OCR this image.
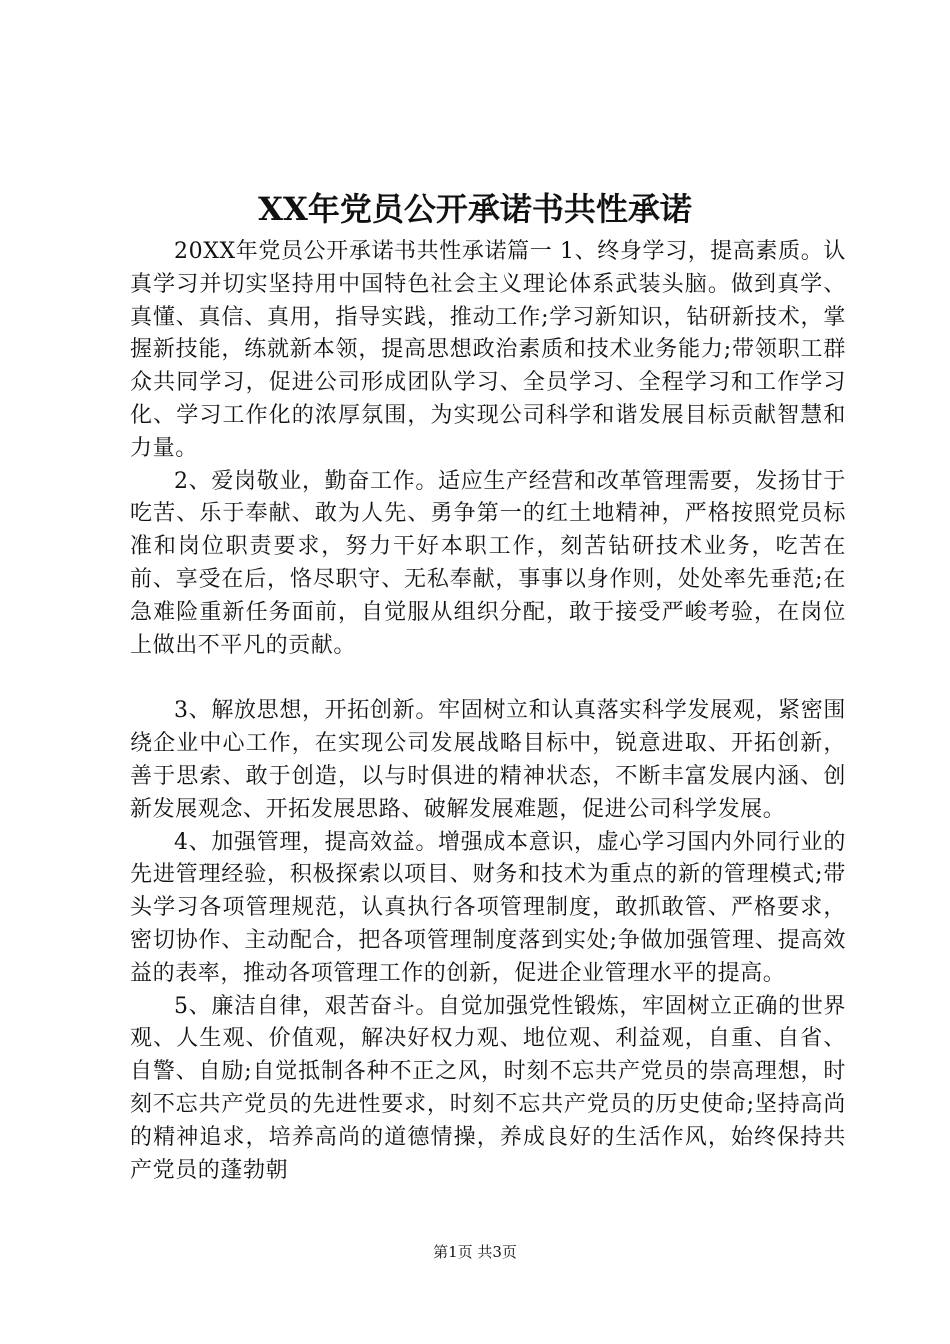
XX年党员公开承诺书共性承诺

20XX年党员公开承诺书共性承诺篇一 1、终身学习，提高素质。认真学习并切实坚持用中国特色社会主义理论体系武装头脑。做到真学、真懂、真信、真用，指导实践，推动工作;学习新知识，钻研新技术，掌握新技能，练就新本领，提高思想政治素质和技术业务能力;带领职工群众共同学习，促进公司形成团队学习、全员学习、全程学习和工作学习化、学习工作化的浓厚氛围，为实现公司科学和谐发展目标贡献智慧和力量。

2、爱岗敬业，勤奋工作。适应生产经营和改革管理需要，发扬甘于吃苦、乐于奉献、敢为人先、勇争第一的红土地精神，严格按照党员标准和岗位职责要求，努力干好本职工作，刻苦钻研技术业务，吃苦在前、享受在后，恪尽职守、无私奉献，事事以身作则，处处率先垂范;在急难险重新任务面前，自觉服从组织分配，敢于接受严峻考验，在岗位上做出不平凡的贡献。

3、解放思想，开拓创新。牢固树立和认真落实科学发展观，紧密围绕企业中心工作，在实现公司发展战略目标中，锐意进取、开拓创新，善于思索、敢于创造，以与时俱进的精神状态，不断丰富发展内涵、创新发展观念、开拓发展思路、破解发展难题，促进公司科学发展。

4、加强管理，提高效益。增强成本意识，虚心学习国内外同行业的先进管理经验，积极探索以项目、财务和技术为重点的新的管理模式;带头学习各项管理规范，认真执行各项管理制度，敢抓敢管、严格要求，密切协作、主动配合，把各项管理制度落到实处;争做加强管理、提高效益的表率，推动各项管理工作的创新，促进企业管理水平的提高。

5、廉洁自律，艰苦奋斗。自觉加强党性锻炼，牢固树立正确的世界观、人生观、价值观，解决好权力观、地位观、利益观，自重、自省、自警、自励;自觉抵制各种不正之风，时刻不忘共产党员的崇高理想，时刻不忘共产党员的先进性要求，时刻不忘共产党员的历史使命;坚持高尚的精神追求，培养高尚的道德情操，养成良好的生活作风，始终保持共产党员的蓬勃朝

第1页 共3页
